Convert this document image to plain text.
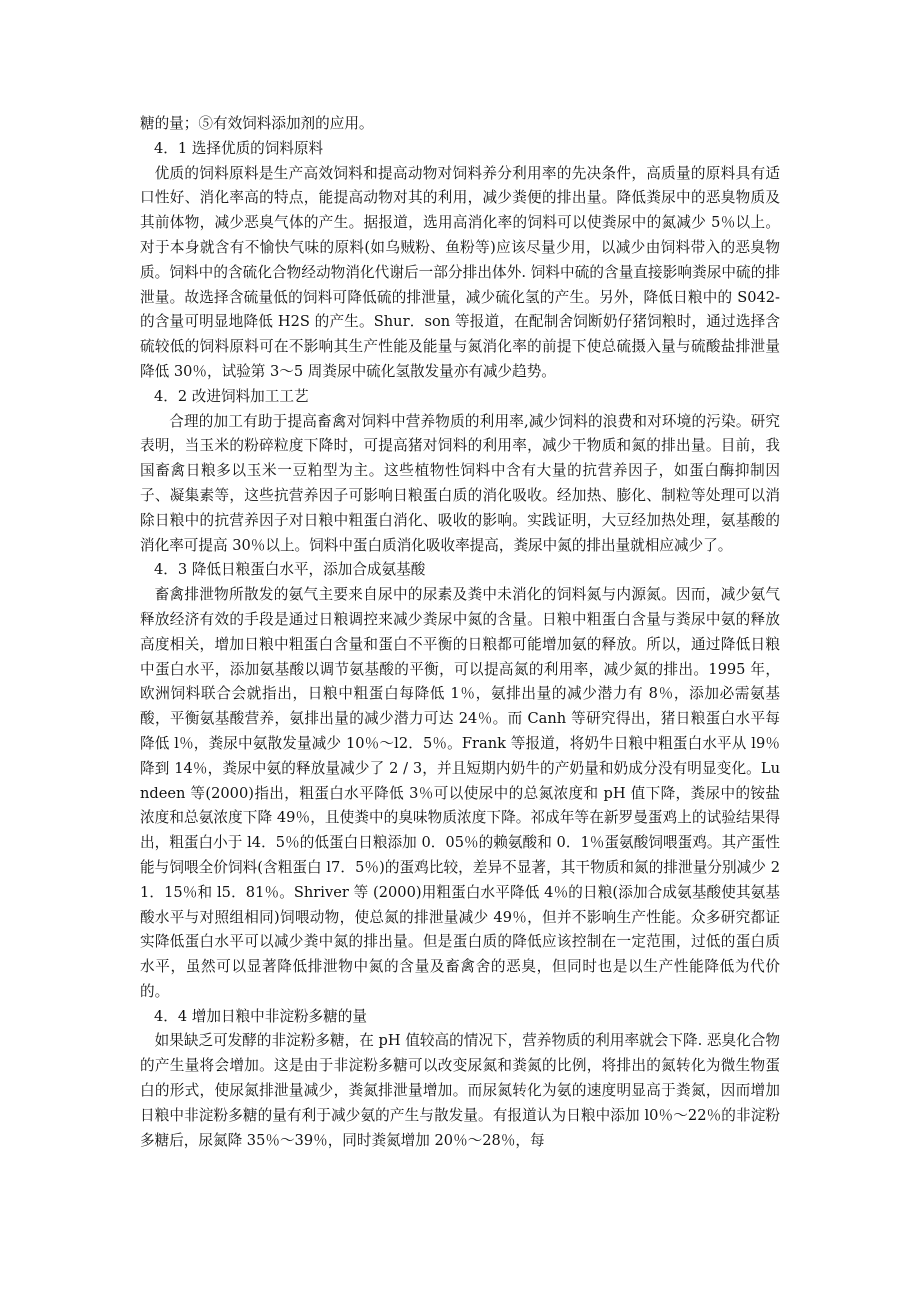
糖的量；⑤有效饲料添加剂的应用。

4．1 选择优质的饲料原料

优质的饲料原料是生产高效饲料和提高动物对饲料养分利用率的先决条件，高质量的原料具有适口性好、消化率高的特点，能提高动物对其的利用，减少粪便的排出量。降低粪尿中的恶臭物质及其前体物，减少恶臭气体的产生。据报道，选用高消化率的饲料可以使粪尿中的氮减少 5％以上。对于本身就含有不愉快气味的原料(如乌贼粉、鱼粉等)应该尽量少用，以减少由饲料带入的恶臭物质。饲料中的含硫化合物经动物消化代谢后一部分排出体外. 饲料中硫的含量直接影响粪尿中硫的排泄量。故选择含硫量低的饲料可降低硫的排泄量，减少硫化氢的产生。另外，降低日粮中的 S042-的含量可明显地降低 H2S 的产生。Shur．son 等报道，在配制舍饲断奶仔猪饲粮时，通过选择含硫较低的饲料原料可在不影响其生产性能及能量与氮消化率的前提下使总硫摄入量与硫酸盐排泄量降低 30％，试验第 3～5 周粪尿中硫化氢散发量亦有减少趋势。

4．2 改进饲料加工工艺

合理的加工有助于提高畜禽对饲料中营养物质的利用率,减少饲料的浪费和对环境的污染。研究表明，当玉米的粉碎粒度下降时，可提高猪对饲料的利用率，减少干物质和氮的排出量。目前，我国畜禽日粮多以玉米一豆粕型为主。这些植物性饲料中含有大量的抗营养因子，如蛋白酶抑制因子、凝集素等，这些抗营养因子可影响日粮蛋白质的消化吸收。经加热、膨化、制粒等处理可以消除日粮中的抗营养因子对日粮中粗蛋白消化、吸收的影响。实践证明，大豆经加热处理，氨基酸的消化率可提高 30％以上。饲料中蛋白质消化吸收率提高，粪尿中氮的排出量就相应减少了。

4．3 降低日粮蛋白水平，添加合成氨基酸

畜禽排泄物所散发的氨气主要来自尿中的尿素及粪中未消化的饲料氮与内源氮。因而，减少氨气释放经济有效的手段是通过日粮调控来减少粪尿中氮的含量。日粮中粗蛋白含量与粪尿中氨的释放高度相关，增加日粮中粗蛋白含量和蛋白不平衡的日粮都可能增加氨的释放。所以，通过降低日粮中蛋白水平，添加氨基酸以调节氨基酸的平衡，可以提高氮的利用率，减少氮的排出。1995 年，欧洲饲料联合会就指出，日粮中粗蛋白每降低 1％，氨排出量的减少潜力有 8％，添加必需氨基酸，平衡氨基酸营养，氨排出量的减少潜力可达 24％。而 Canh 等研究得出，猪日粮蛋白水平每降低 l％，粪尿中氨散发量减少 10％～l2．5％。Frank 等报道，将奶牛日粮中粗蛋白水平从 l9％降到 14％，粪尿中氨的释放量减少了 2 / 3，并且短期内奶牛的产奶量和奶成分没有明显变化。Lundeen 等(2000)指出，粗蛋白水平降低 3％可以使尿中的总氮浓度和 pH 值下降，粪尿中的铵盐浓度和总氨浓度下降 49％，且使粪中的臭味物质浓度下降。祁成年等在新罗曼蛋鸡上的试验结果得出，粗蛋白小于 l4．5％的低蛋白日粮添加 0．05％的赖氨酸和 0．1％蛋氨酸饲喂蛋鸡。其产蛋性能与饲喂全价饲料(含粗蛋白 l7．5％)的蛋鸡比较，差异不显著，其干物质和氮的排泄量分别减少 21．15％和 l5．81％。Shriver 等 (2000)用粗蛋白水平降低 4％的日粮(添加合成氨基酸使其氨基酸水平与对照组相同)饲喂动物，使总氮的排泄量减少 49％，但并不影响生产性能。众多研究都证实降低蛋白水平可以减少粪中氮的排出量。但是蛋白质的降低应该控制在一定范围，过低的蛋白质水平，虽然可以显著降低排泄物中氮的含量及畜禽舍的恶臭，但同时也是以生产性能降低为代价的。

4．4 增加日粮中非淀粉多糖的量

如果缺乏可发酵的非淀粉多糖，在 pH 值较高的情况下，营养物质的利用率就会下降. 恶臭化合物的产生量将会增加。这是由于非淀粉多糖可以改变尿氮和粪氮的比例，将排出的氮转化为微生物蛋白的形式，使尿氮排泄量减少，粪氮排泄量增加。而尿氮转化为氨的速度明显高于粪氮，因而增加日粮中非淀粉多糖的量有利于减少氨的产生与散发量。有报道认为日粮中添加 l0％～22％的非淀粉多糖后，尿氮降 35％～39％，同时粪氮增加 20％～28％，每
